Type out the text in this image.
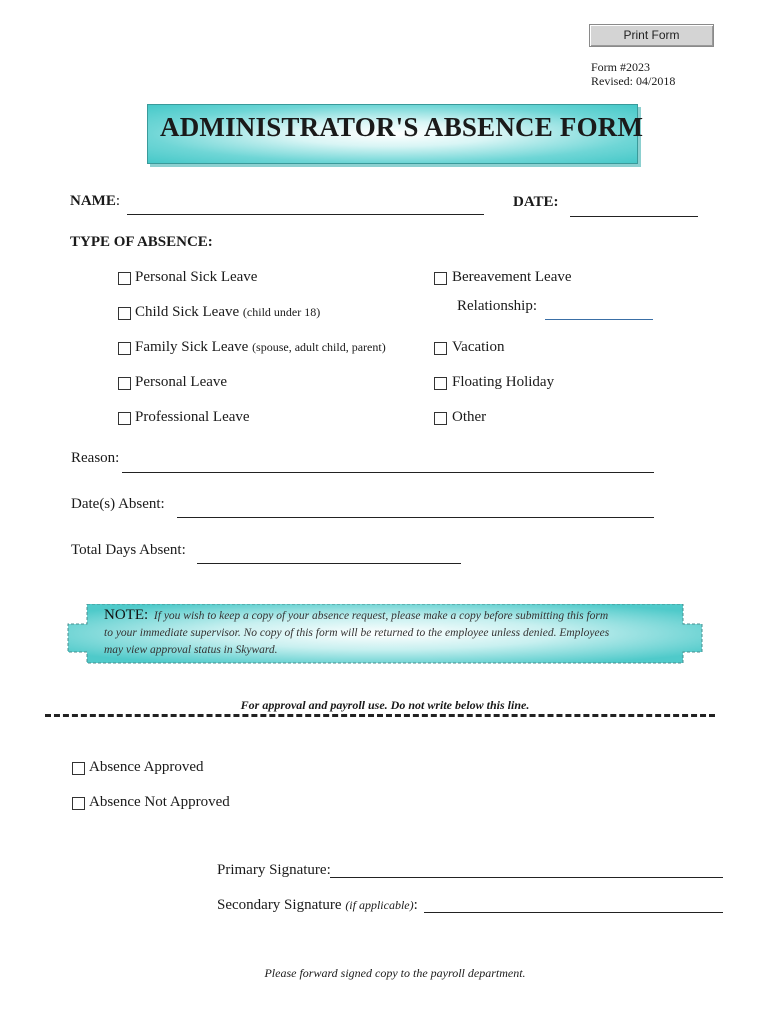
Print Form
Form #2023
Revised: 04/2018
ADMINISTRATOR'S ABSENCE FORM
NAME:	DATE:
TYPE OF ABSENCE:
Personal Sick Leave
Child Sick Leave (child under 18)
Family Sick Leave (spouse, adult child, parent)
Personal Leave
Professional Leave
Bereavement Leave
Relationship:
Vacation
Floating Holiday
Other
Reason:
Date(s) Absent:
Total Days Absent:
NOTE: If you wish to keep a copy of your absence request, please make a copy before submitting this form
to your immediate supervisor. No copy of this form will be returned to the employee unless denied. Employees
may view approval status in Skyward.
For approval and payroll use. Do not write below this line.
Absence Approved
Absence Not Approved
Primary Signature:
Secondary Signature (if applicable):
Please forward signed copy to the payroll department.
